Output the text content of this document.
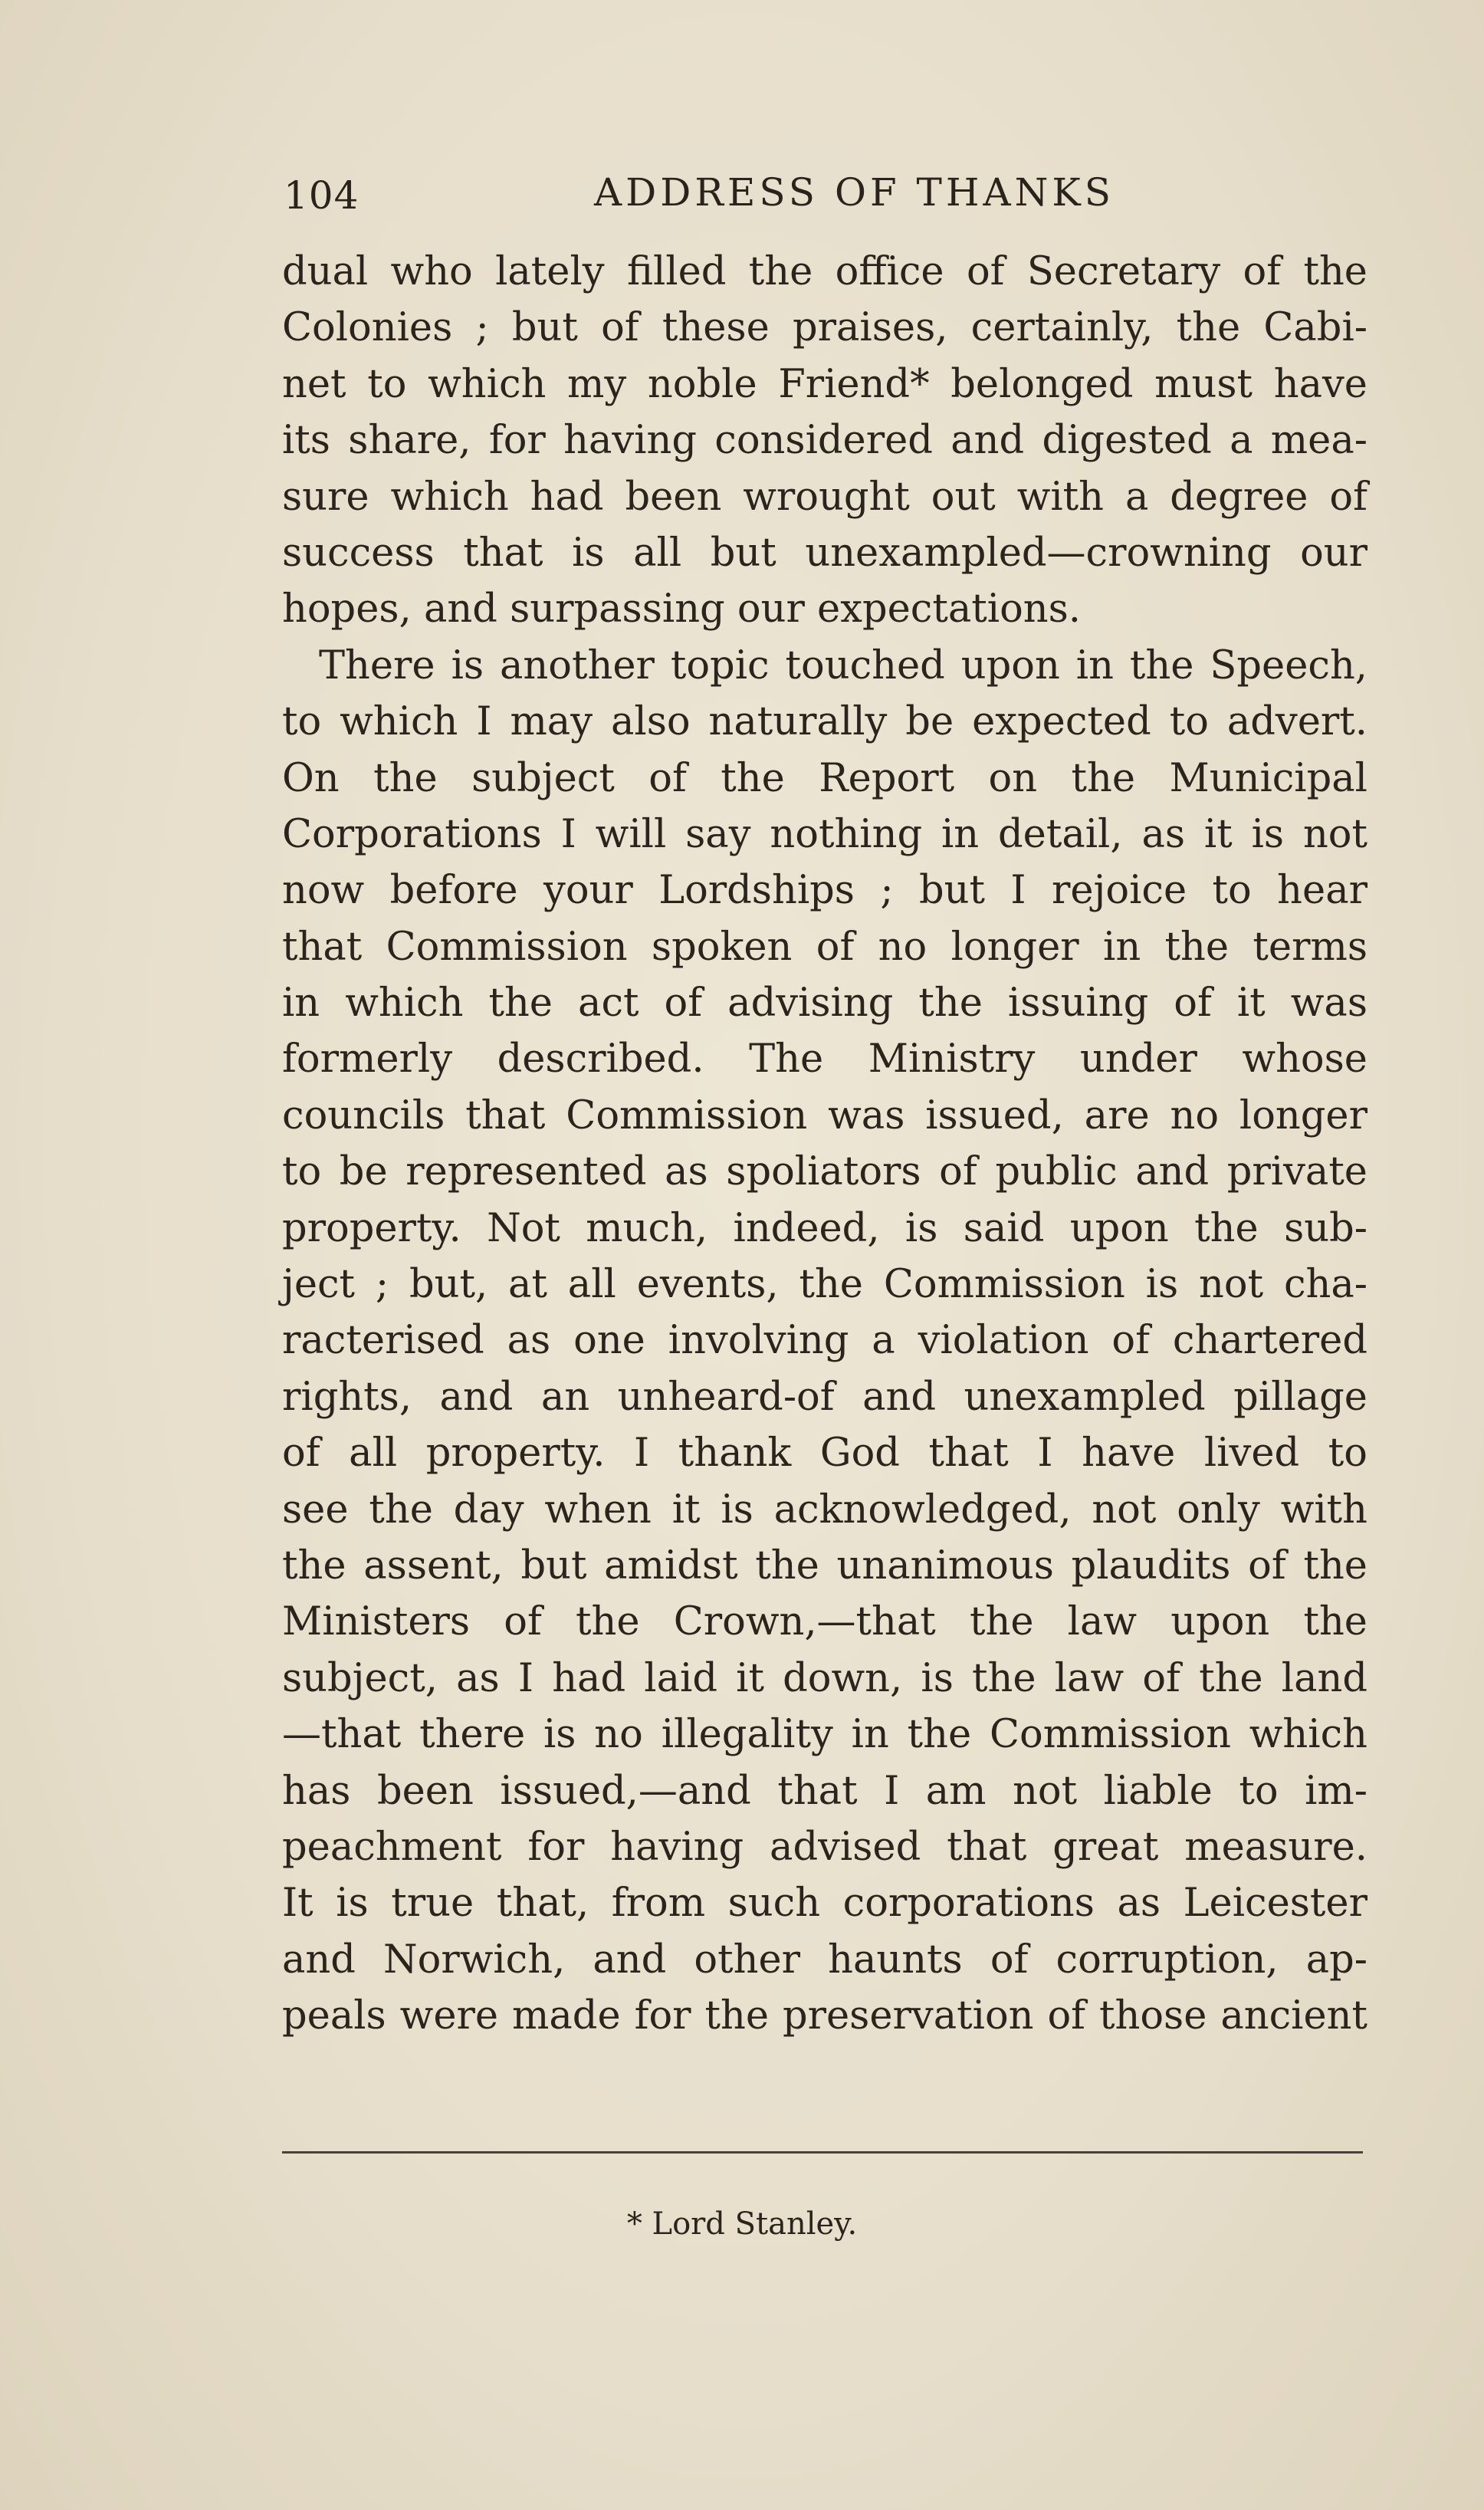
104	ADDRESS OF THANKS
dual who lately filled the office of Secretary of the
Colonies ; but of these praises, certainly, the Cabi-
net to which my noble Friend* belonged must have
its share, for having considered and digested a mea-
sure which had been wrought out with a degree of
success that is all but unexampled—crowning our
hopes, and surpassing our expectations.
There is another topic touched upon in the Speech,
to which I may also naturally be expected to advert.
On the subject of the Report on the Municipal
Corporations I will say nothing in detail, as it is not
now before your Lordships ; but I rejoice to hear
that Commission spoken of no longer in the terms
in which the act of advising the issuing of it was
formerly described. The Ministry under whose
councils that Commission was issued, are no longer
to be represented as spoliators of public and private
property. Not much, indeed, is said upon the sub-
ject ; but, at all events, the Commission is not cha-
racterised as one involving a violation of chartered
rights, and an unheard-of and unexampled pillage
of all property. I thank God that I have lived to
see the day when it is acknowledged, not only with
the assent, but amidst the unanimous plaudits of the
Ministers of the Crown,—that the law upon the
subject, as I had laid it down, is the law of the land
—that there is no illegality in the Commission which
has been issued,—and that I am not liable to im-
peachment for having advised that great measure.
It is true that, from such corporations as Leicester
and Norwich, and other haunts of corruption, ap-
peals were made for the preservation of those ancient
* Lord Stanley.
